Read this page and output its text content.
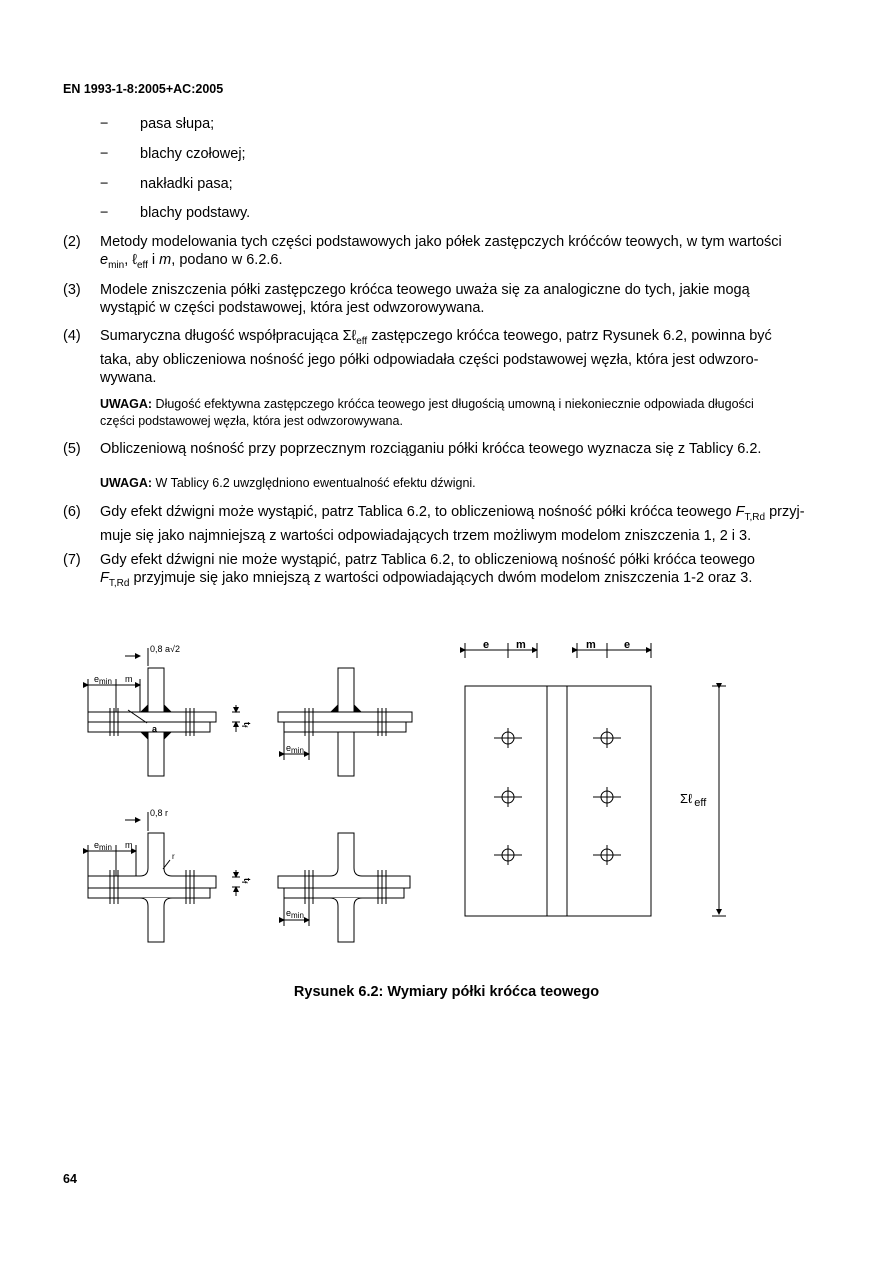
EN 1993-1-8:2005+AC:2005
− pasa słupa;
− blachy czołowej;
− nakładki pasa;
− blachy podstawy.
(2) Metody modelowania tych części podstawowych jako półek zastępczych króćców teowych, w tym wartości
$e_{min}$, ℓ$_{eff}$ i m, podano w 6.2.6.
(3) Modele zniszczenia półki zastępczego króćca teowego uważa się za analogiczne do tych, jakie mogą
wystąpić w części podstawowej, która jest odwzorowywana.
(4) Sumaryczna długość współpracująca Σℓ$_{eff}$ zastępczego króćca teowego, patrz Rysunek 6.2, powinna być
taka, aby obliczeniowa nośność jego półki odpowiadała części podstawowej węzła, która jest odwzoro-
wywana.
UWAGA: Długość efektywna zastępczego króćca teowego jest długością umowną i niekoniecznie odpowiada długości
części podstawowej węzła, która jest odwzorowywana.
(5) Obliczeniową nośność przy poprzecznym rozciąganiu półki króćca teowego wyznacza się z Tablicy 6.2.
UWAGA: W Tablicy 6.2 uwzględniono ewentualność efektu dźwigni.
(6) Gdy efekt dźwigni może wystąpić, patrz Tablica 6.2, to obliczeniową nośność półki króćca teowego $F_{T,Rd}$ przyj-
muje się jako najmniejszą z wartości odpowiadających trzem możliwym modelom zniszczenia 1, 2 i 3.
(7) Gdy efekt dźwigni nie może wystąpić, patrz Tablica 6.2, to obliczeniową nośność półki króćca teowego
$F_{T,Rd}$ przyjmuje się jako mniejszą z wartości odpowiadających dwóm modelom zniszczenia 1-2 oraz 3.
0,8 a√2
emin m
a
$t_f$
emin
0,8 r
emin m
r
$t_f$
emin
e m	m	e
Σℓ $_{eff}$
Rysunek 6.2: Wymiary półki króćca teowego
64
